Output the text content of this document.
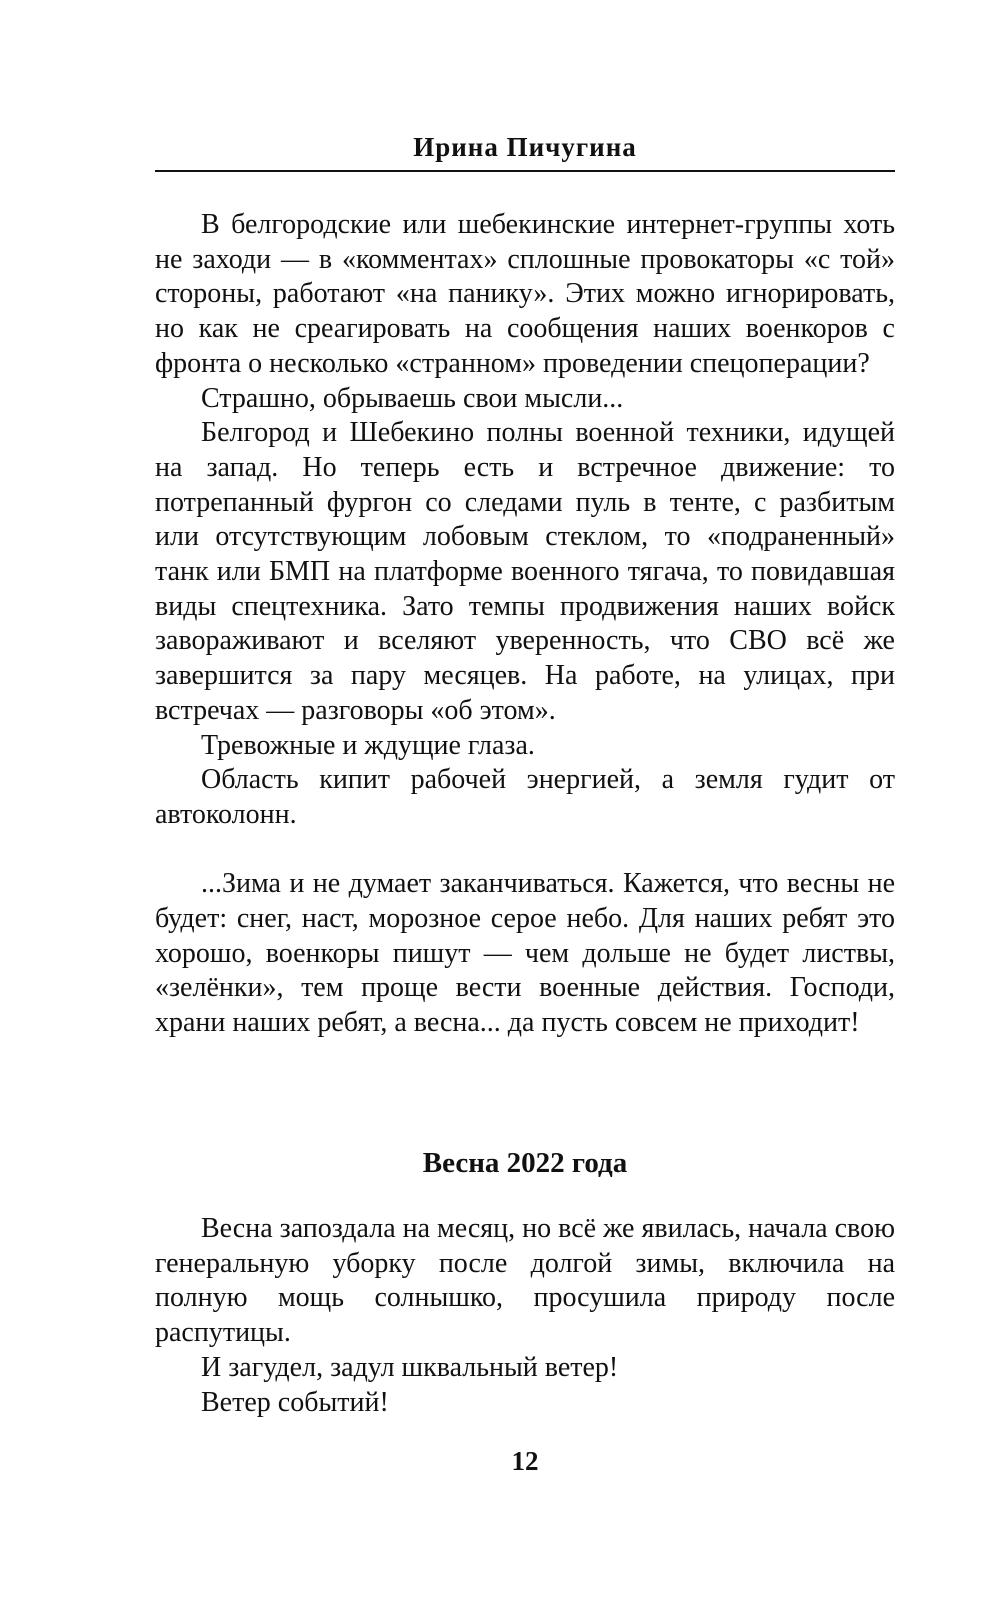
Ирина Пичугина

В белгородские или шебекинские интернет-группы хоть не заходи — в «комментах» сплошные провокаторы «с той» стороны, работают «на панику». Этих можно игнорировать, но как не среагировать на сообщения наших военкоров с фронта о несколько «странном» проведении спецоперации?

Страшно, обрываешь свои мысли...

Белгород и Шебекино полны военной техники, идущей на запад. Но теперь есть и встречное движение: то потрепанный фургон со следами пуль в тенте, с разбитым или отсутствующим лобовым стеклом, то «подраненный» танк или БМП на платформе военного тягача, то повидавшая виды спецтехника. Зато темпы продвижения наших войск завораживают и вселяют уверенность, что СВО всё же завершится за пару месяцев. На работе, на улицах, при встречах — разговоры «об этом».

Тревожные и ждущие глаза.

Область кипит рабочей энергией, а земля гудит от автоколонн.

...Зима и не думает заканчиваться. Кажется, что весны не будет: снег, наст, морозное серое небо. Для наших ребят это хорошо, военкоры пишут — чем дольше не будет листвы, «зелёнки», тем проще вести военные действия. Господи, храни наших ребят, а весна... да пусть совсем не приходит!

Весна 2022 года

Весна запоздала на месяц, но всё же явилась, начала свою генеральную уборку после долгой зимы, включила на полную мощь солнышко, просушила природу после распутицы.

И загудел, задул шквальный ветер!

Ветер событий!

12
